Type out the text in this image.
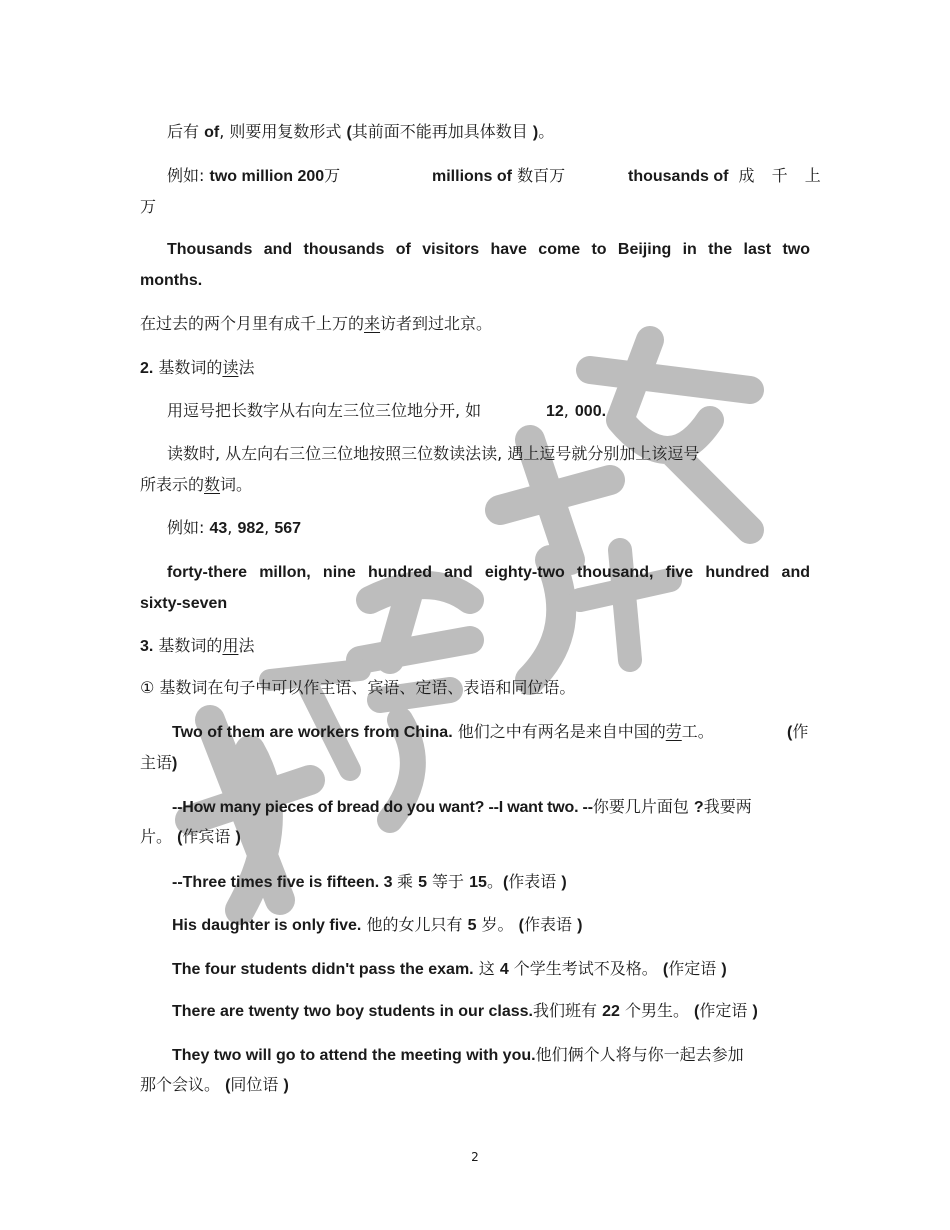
后有 of, 则要用复数形式 (其前面不能再加具体数目 )。
例如: two million 200万	millions of 数百万	thousands of 成 千 上
万
Thousands and thousands of visitors have come to Beijing in the last two
months.
在过去的两个月里有成千上万的来访者到过北京。
2. 基数词的读法
用逗号把长数字从右向左三位三位地分开, 如	12, 000.
读数时, 从左向右三位三位地按照三位数读法读, 遇上逗号就分别加上该逗号
所表示的数词。
例如: 43, 982, 567
forty-there millon, nine hundred and eighty-two thousand, five hundred and
sixty-seven
3. 基数词的用法
① 基数词在句子中可以作主语、宾语、定语、表语和同位语。
Two of them are workers from China. 他们之中有两名是来自中国的劳工。	(作
主语)
--How many pieces of bread do you want? --I want two. --你要几片面包 ?我要两
片。 (作宾语 )
--Three times five is fifteen. 3 乘 5 等于 15。(作表语 )
His daughter is only five. 他的女儿只有 5 岁。 (作表语 )
The four students didn't pass the exam. 这 4 个学生考试不及格。 (作定语 )
There are twenty two boy students in our class.我们班有 22 个男生。 (作定语 )
They two will go to attend the meeting with you.他们俩个人将与你一起去参加
那个会议。 (同位语 )
2
